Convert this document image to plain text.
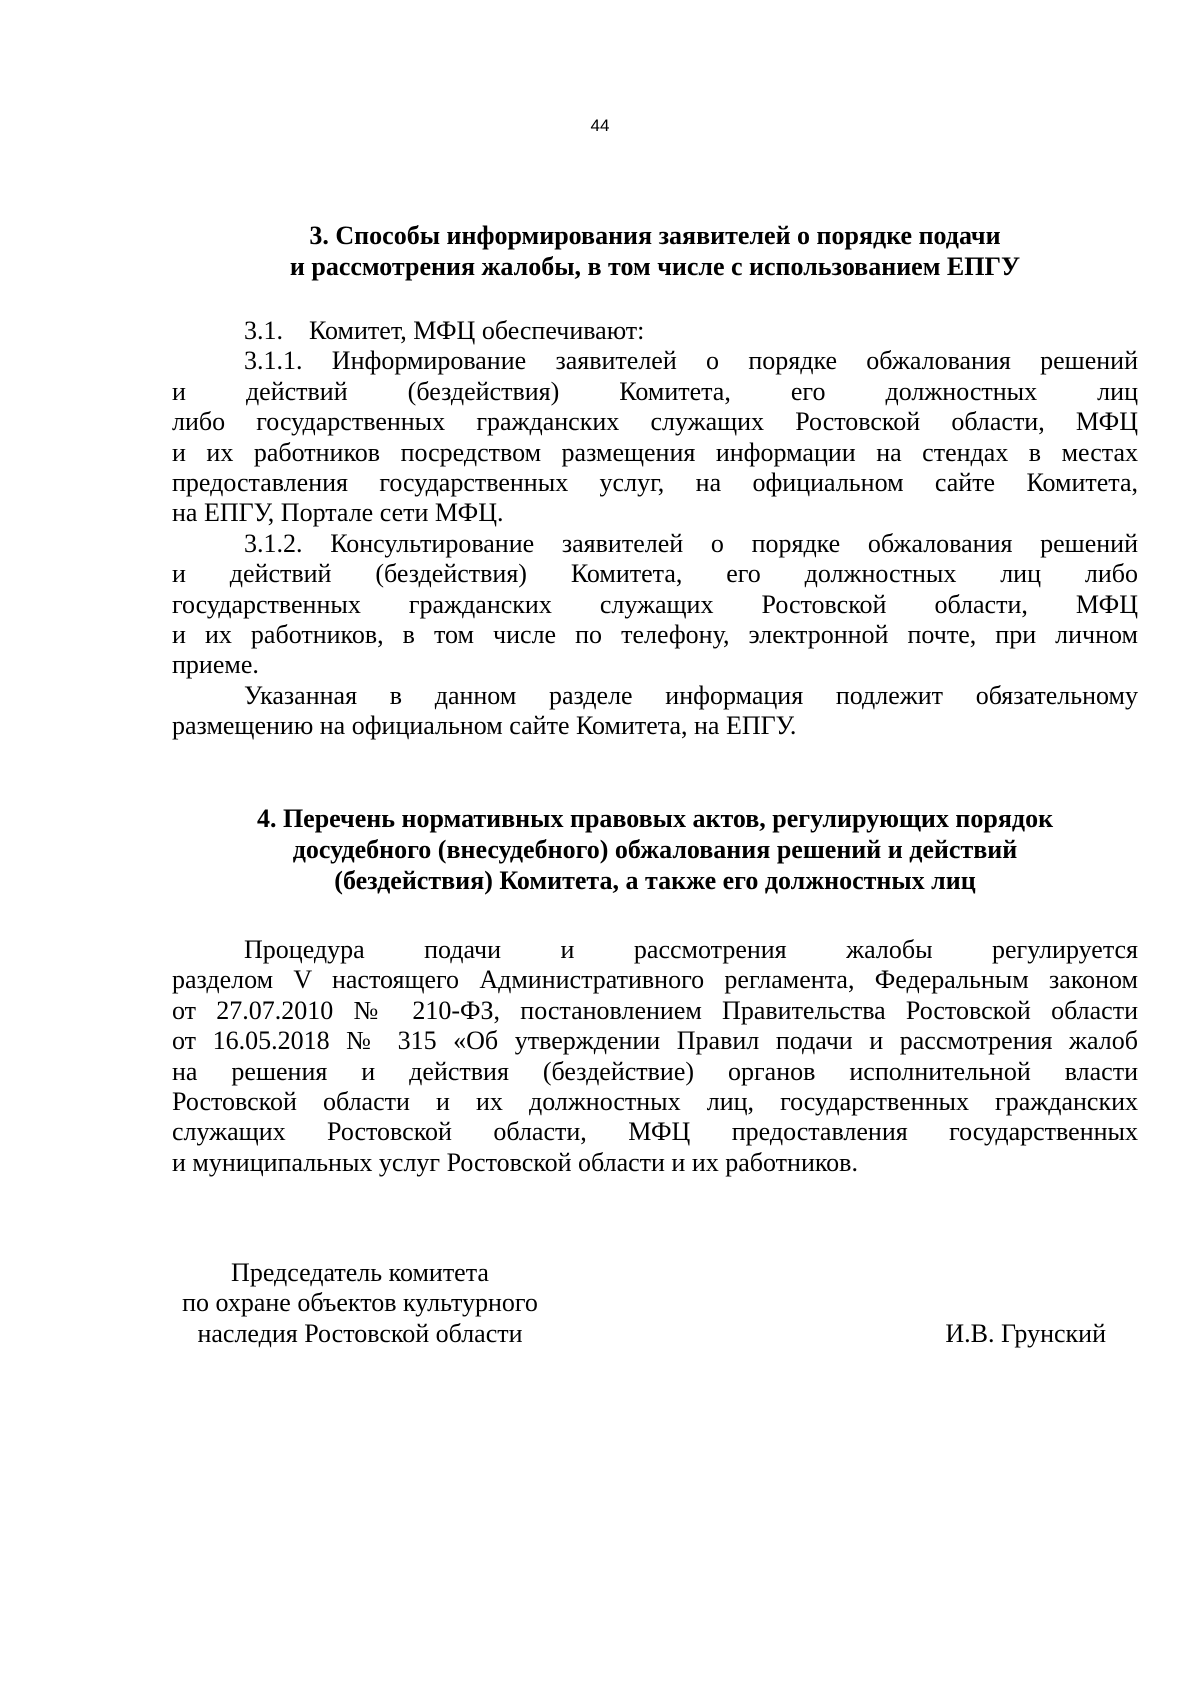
44
3. Способы информирования заявителей о порядке подачи
и рассмотрения жалобы, в том числе с использованием ЕПГУ

3.1.    Комитет, МФЦ обеспечивают:

3.1.1. Информирование заявителей о порядке обжалования решений
и действий (бездействия) Комитета, его должностных лиц
либо государственных гражданских служащих Ростовской области, МФЦ
и их работников посредством размещения информации на стендах в местах
предоставления государственных услуг, на официальном сайте Комитета,
на ЕПГУ, Портале сети МФЦ.

3.1.2. Консультирование заявителей о порядке обжалования решений
и действий (бездействия) Комитета, его должностных лиц либо
государственных гражданских служащих Ростовской области, МФЦ
и их работников, в том числе по телефону, электронной почте, при личном
приеме.

Указанная в данном разделе информация подлежит обязательному
размещению на официальном сайте Комитета, на ЕПГУ.

4. Перечень нормативных правовых актов, регулирующих порядок
досудебного (внесудебного) обжалования решений и действий
(бездействия) Комитета, а также его должностных лиц

Процедура подачи и рассмотрения жалобы регулируется
разделом V настоящего Административного регламента, Федеральным законом
от 27.07.2010 № 210-ФЗ, постановлением Правительства Ростовской области
от 16.05.2018 № 315 «Об утверждении Правил подачи и рассмотрения жалоб
на решения и действия (бездействие) органов исполнительной власти
Ростовской области и их должностных лиц, государственных гражданских
служащих Ростовской области, МФЦ предоставления государственных
и муниципальных услуг Ростовской области и их работников.

Председатель комитета
по охране объектов культурного
наследия Ростовской области	И.В. Грунский
